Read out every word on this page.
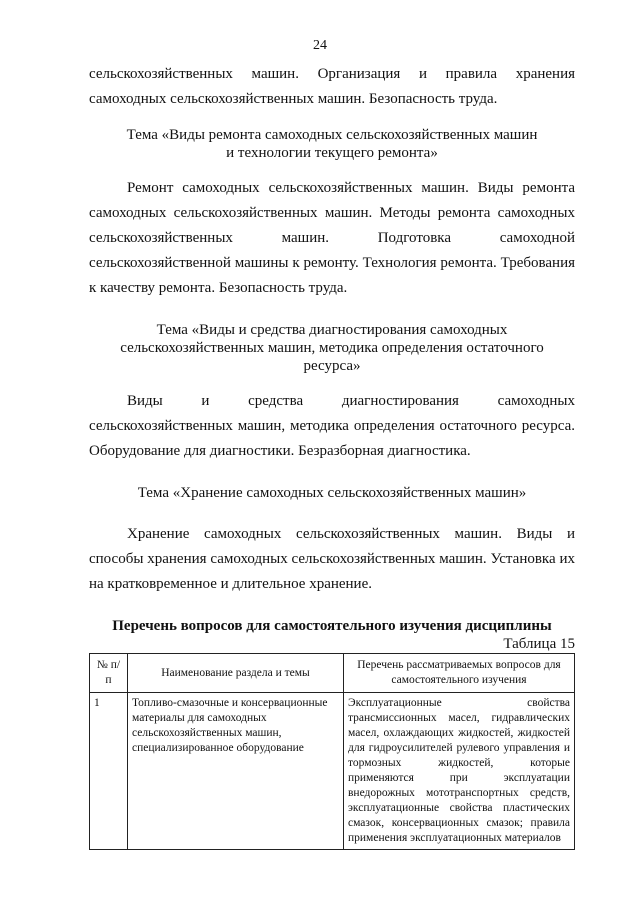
24

сельскохозяйственных машин. Организация и правила хранения самоходных сельскохозяйственных машин. Безопасность труда.

Тема «Виды ремонта самоходных сельскохозяйственных машин
и технологии текущего ремонта»

Ремонт самоходных сельскохозяйственных машин. Виды ремонта самоходных сельскохозяйственных машин. Методы ремонта самоходных сельскохозяйственных машин. Подготовка самоходной сельскохозяйственной машины к ремонту. Технология ремонта. Требования к качеству ремонта. Безопасность труда.

Тема «Виды и средства диагностирования самоходных
сельскохозяйственных машин, методика определения остаточного
ресурса»

Виды и средства диагностирования самоходных сельскохозяйственных машин, методика определения остаточного ресурса. Оборудование для диагностики. Безразборная диагностика.

Тема «Хранение самоходных сельскохозяйственных машин»

Хранение самоходных сельскохозяйственных машин. Виды и способы хранения самоходных сельскохозяйственных машин. Установка их на кратковременное и длительное хранение.

Перечень вопросов для самостоятельного изучения дисциплины

Таблица 15

№ п/п	Наименование раздела и темы	Перечень рассматриваемых вопросов для самостоятельного изучения
1	Топливо-смазочные и консервационные материалы для самоходных сельскохозяйственных машин, специализированное оборудование	Эксплуатационные свойства трансмиссионных масел, гидравлических масел, охлаждающих жидкостей, жидкостей для гидроусилителей рулевого управления и тормозных жидкостей, которые применяются при эксплуатации внедорожных мототранспортных средств, эксплуатационные свойства пластических смазок, консервационных смазок; правила применения эксплуатационных материалов
